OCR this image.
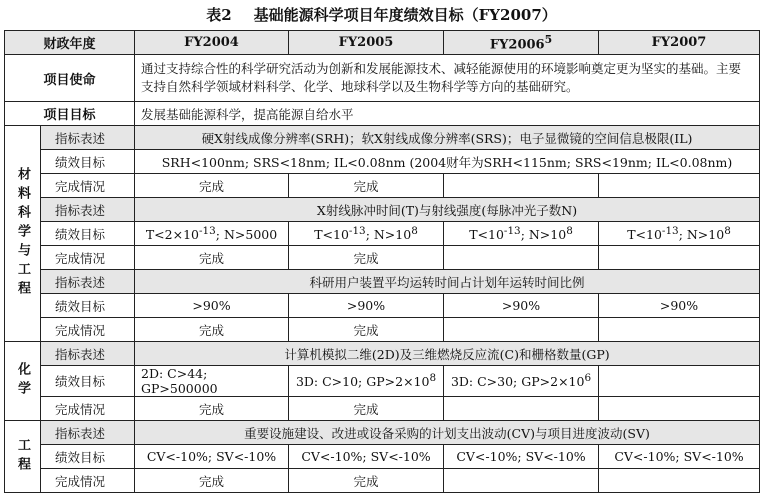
表2 基础能源科学项目年度绩效目标（FY2007）
财政年度		FY2004	FY2005	FY2006$^5$	FY2007
项目使命		通过支持综合性的科学研究活动为创新和发展能源技术、减轻能源使用的环境影响奠定更为坚实的基础。主要支持自然科学领域材料科学、化学、地球科学以及生物科学等方向的基础研究。			
项目目标		发展基础能源科学，提高能源自给水平			
材料科学与工程	指标表述	硬X射线成像分辨率(SRH)；软X射线成像分辨率(SRS)；电子显微镜的空间信息极限(IL)			
	绩效目标	SRH<100nm; SRS<18nm; IL<0.08nm (2004财年为SRH<115nm; SRS<19nm; IL<0.08nm)			
	完成情况	完成	完成		
	指标表述	X射线脉冲时间(T)与射线强度(每脉冲光子数N)			
	绩效目标	$T<2\times 10^{-13}$; N>5000	$T<10^{-13}$; $N>10^8$	$T<10^{-13}$; $N>10^8$	$T<10^{-13}$; $N>10^8$
	完成情况	完成	完成		
	指标表述	科研用户装置平均运转时间占计划年运转时间比例			
	绩效目标	>90%	>90%	>90%	>90%
	完成情况	完成	完成		
化学	指标表述	计算机模拟二维(2D)及三维燃烧反应流(C)和栅格数量(GP)			
	绩效目标	2D: C>44; GP>500000	3D: C>10; $GP>2\times 10^8$	3D: C>30; $GP>2\times 10^6$	
	完成情况	完成	完成		
工程	指标表述	重要设施建设、改进或设备采购的计划支出波动(CV)与项目进度波动(SV)			
	绩效目标	CV<-10%; SV<-10%	CV<-10%; SV<-10%	CV<-10%; SV<-10%	CV<-10%; SV<-10%
	完成情况	完成	完成		
